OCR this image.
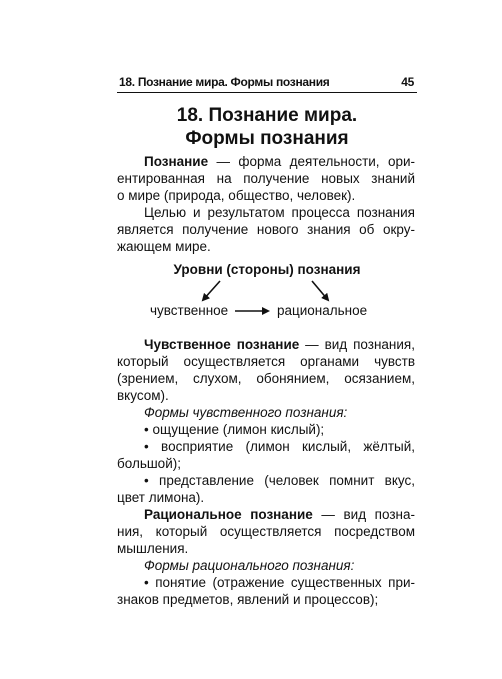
18. Познание мира. Формы познания	45
18. Познание мира.
Формы познания
Познание — форма деятельности, ори-
ентированная на получение новых знаний
о мире (природа, общество, человек).
Целью и результатом процесса познания
является получение нового знания об окру-
жающем мире.
Уровни (стороны) познания
чувственное	рациональное
Чувственное познание — вид познания,
который осуществляется органами чувств
(зрением, слухом, обонянием, осязанием,
вкусом).
Формы чувственного познания:
• ощущение (лимон кислый);
• восприятие (лимон кислый, жёлтый,
большой);
• представление (человек помнит вкус,
цвет лимона).
Рациональное познание — вид позна-
ния, который осуществляется посредством
мышления.
Формы рационального познания:
• понятие (отражение существенных при-
знаков предметов, явлений и процессов);
